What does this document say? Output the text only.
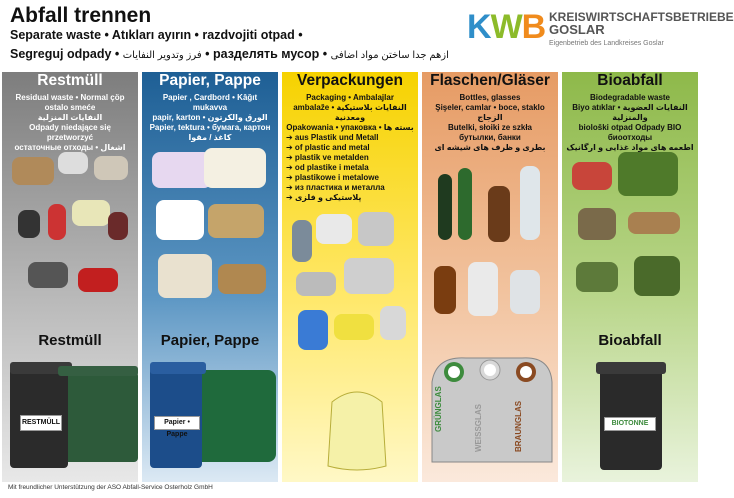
Abfall trennen
Separate waste • Atıkları ayırın • razdvojiti otpad •
Segreguj odpady • فرز وتدوير النفايات • разделять мусор • ازهم جدا ساختن مواد اضافی
KWB KREISWIRTSCHAFTSBETRIEBE
GOSLAR
Eigenbetrieb des Landkreises Goslar
Restmüll
Residual waste • Normal çöp
ostalo smeće
النفايات المنزلية
Odpady niedające się przetworzyć
остаточные отходы • اشغال
Restmüll
RESTMÜLL
Papier, Pappe
Papier , Cardbord • Kâğıt mukavva
papir, karton • الورق والكرتون
Papier, tektura • бумага, картон
کاغذ / مقوا
Papier, Pappe
Papier • Pappe
Verpackungen
Packaging • Ambalajlar
ambalaže • النفايات بلاستيكية ومعدنية
Opakowania • упаковка • بسته ها
➔ aus Plastik und Metall
➔ of plastic and metal
➔ plastik ve metalden
➔ od plastike i metala
➔ plastikowe i metalowe
➔ из пластика и металла
➔ پلاستیکی و فلزی
Flaschen/Gläser
Bottles, glasses
Şişeler, camlar • boce, staklo
الزجاج
Butelki, słoiki ze szkła
бутылки, банки
بطری و ظرف های شیشه ای
GRÜNGLAS	WEISSGLAS	BRAUNGLAS
Bioabfall
Biodegradable waste
Biyo atıklar • النفايات العضوية والمنزلية
biološki otpad Odpady BIO
биоотходы
اطعمه های مواد غذایی و ارگانیک
Bioabfall
BIOTONNE
Mit freundlicher Unterstützung der ASO Abfall-Service Osterholz GmbH
